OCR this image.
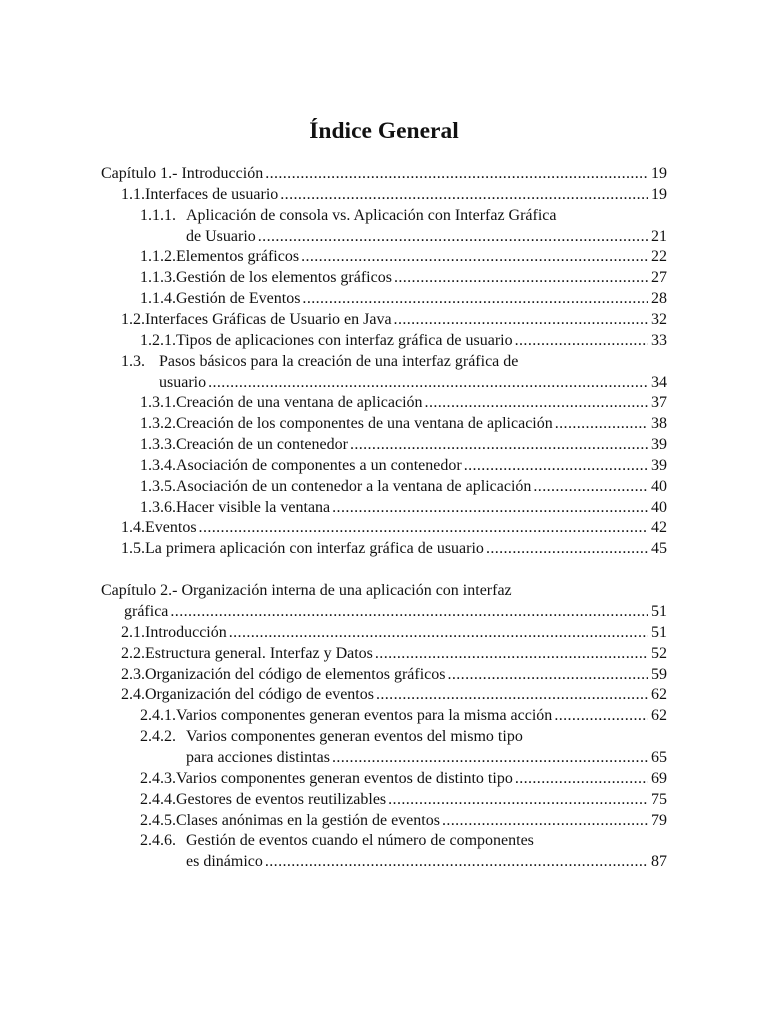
Índice General
Capítulo 1.- Introducción .....	19
1.1. Interfaces de usuario .....	19
1.1.1. Aplicación de consola vs. Aplicación con Interfaz Gráfica
de Usuario .....	21
1.1.2. Elementos gráficos .....	22
1.1.3. Gestión de los elementos gráficos .....	27
1.1.4. Gestión de Eventos .....	28
1.2. Interfaces Gráficas de Usuario en Java .....	32
1.2.1. Tipos de aplicaciones con interfaz gráfica de usuario .....	33
1.3. Pasos básicos para la creación de una interfaz gráfica de
usuario .....	34
1.3.1. Creación de una ventana de aplicación .....	37
1.3.2. Creación de los componentes de una ventana de aplicación .....	38
1.3.3. Creación de un contenedor .....	39
1.3.4. Asociación de componentes a un contenedor .....	39
1.3.5. Asociación de un contenedor a la ventana de aplicación .....	40
1.3.6. Hacer visible la ventana .....	40
1.4. Eventos .....	42
1.5. La primera aplicación con interfaz gráfica de usuario .....	45
Capítulo 2.- Organización interna de una aplicación con interfaz
gráfica .....	51
2.1. Introducción .....	51
2.2. Estructura general. Interfaz y Datos .....	52
2.3. Organización del código de elementos gráficos .....	59
2.4. Organización del código de eventos .....	62
2.4.1. Varios componentes generan eventos para la misma acción .....	62
2.4.2. Varios componentes generan eventos del mismo tipo
para acciones distintas .....	65
2.4.3. Varios componentes generan eventos de distinto tipo .....	69
2.4.4. Gestores de eventos reutilizables .....	75
2.4.5. Clases anónimas en la gestión de eventos .....	79
2.4.6. Gestión de eventos cuando el número de componentes
es dinámico .....	87
